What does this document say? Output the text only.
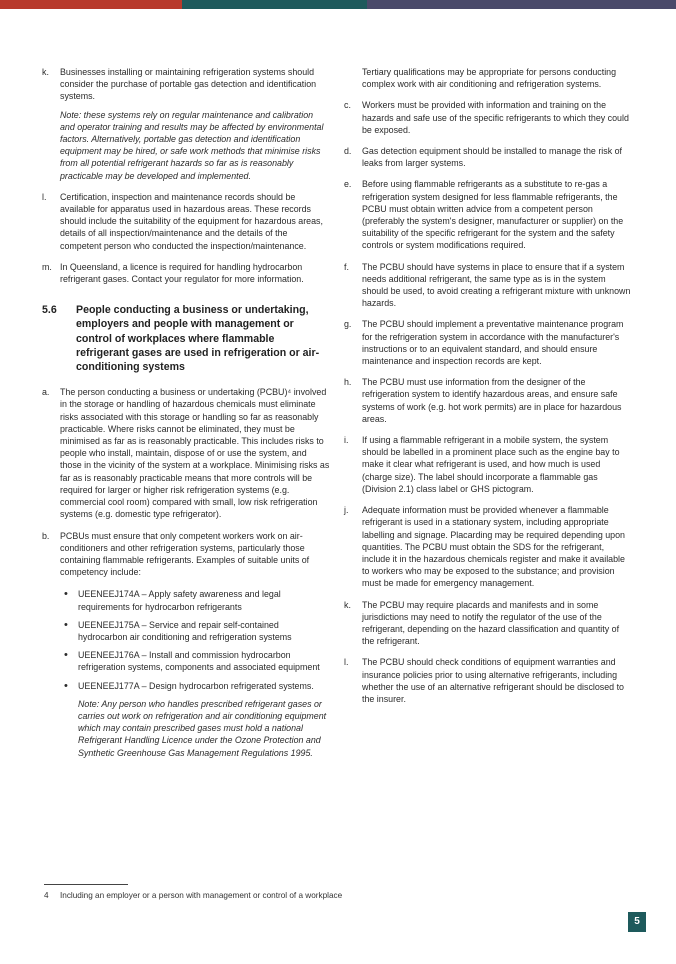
k. Businesses installing or maintaining refrigeration systems should consider the purchase of portable gas detection and identification systems.
Note: these systems rely on regular maintenance and calibration and operator training and results may be affected by environmental factors. Alternatively, portable gas detection and identification equipment may be hired, or safe work methods that minimise risks from all potential refrigerant hazards so far as is reasonably practicable may be developed and implemented.
l. Certification, inspection and maintenance records should be available for apparatus used in hazardous areas. These records should include the suitability of the equipment for hazardous areas, details of all inspection/maintenance and the details of the competent person who conducted the inspection/maintenance.
m. In Queensland, a licence is required for handling hydrocarbon refrigerant gases. Contact your regulator for more information.
5.6 People conducting a business or undertaking, employers and people with management or control of workplaces where flammable refrigerant gases are used in refrigeration or air-conditioning systems
a. The person conducting a business or undertaking (PCBU)⁴ involved in the storage or handling of hazardous chemicals must eliminate risks associated with this storage or handling so far as reasonably practicable. Where risks cannot be eliminated, they must be minimised as far as is reasonably practicable. This includes risks to people who install, maintain, dispose of or use the system, and those in the vicinity of the system at a workplace. Minimising risks as far as is reasonably practicable means that more controls will be required for larger or higher risk refrigeration systems (e.g. commercial cool room) compared with small, low risk refrigeration systems (e.g. domestic type refrigerator).
b. PCBUs must ensure that only competent workers work on air-conditioners and other refrigeration systems, particularly those containing flammable refrigerants. Examples of suitable units of competency include:
• UEENEEJ174A – Apply safety awareness and legal requirements for hydrocarbon refrigerants
• UEENEEJ175A – Service and repair self-contained hydrocarbon air conditioning and refrigeration systems
• UEENEEJ176A – Install and commission hydrocarbon refrigeration systems, components and associated equipment
• UEENEEJ177A – Design hydrocarbon refrigerated systems.
Note: Any person who handles prescribed refrigerant gases or carries out work on refrigeration and air conditioning equipment which may contain prescribed gases must hold a national Refrigerant Handling Licence under the Ozone Protection and Synthetic Greenhouse Gas Management Regulations 1995.
Tertiary qualifications may be appropriate for persons conducting complex work with air conditioning and refrigeration systems.
c. Workers must be provided with information and training on the hazards and safe use of the specific refrigerants to which they could be exposed.
d. Gas detection equipment should be installed to manage the risk of leaks from larger systems.
e. Before using flammable refrigerants as a substitute to re-gas a refrigeration system designed for less flammable refrigerants, the PCBU must obtain written advice from a competent person (preferably the system's designer, manufacturer or supplier) on the suitability of the specific refrigerant for the system and the safety controls or system modifications required.
f. The PCBU should have systems in place to ensure that if a system needs additional refrigerant, the same type as is in the system should be used, to avoid creating a refrigerant mixture with unknown hazards.
g. The PCBU should implement a preventative maintenance program for the refrigeration system in accordance with the manufacturer's instructions or to an equivalent standard, and should ensure maintenance and inspection records are kept.
h. The PCBU must use information from the designer of the refrigeration system to identify hazardous areas, and ensure safe systems of work (e.g. hot work permits) are in place for hazardous areas.
i. If using a flammable refrigerant in a mobile system, the system should be labelled in a prominent place such as the engine bay to make it clear what refrigerant is used, and how much is used (charge size). The label should incorporate a flammable gas (Division 2.1) class label or GHS pictogram.
j. Adequate information must be provided whenever a flammable refrigerant is used in a stationary system, including appropriate labelling and signage. Placarding may be required depending upon quantities. The PCBU must obtain the SDS for the refrigerant, include it in the hazardous chemicals register and make it available to workers who may be exposed to the substance; and provision must be made for emergency management.
k. The PCBU may require placards and manifests and in some jurisdictions may need to notify the regulator of the use of the refrigerant, depending on the hazard classification and quantity of the refrigerant.
l. The PCBU should check conditions of equipment warranties and insurance policies prior to using alternative refrigerants, including whether the use of an alternative refrigerant should be disclosed to the insurer.
4 Including an employer or a person with management or control of a workplace
5
